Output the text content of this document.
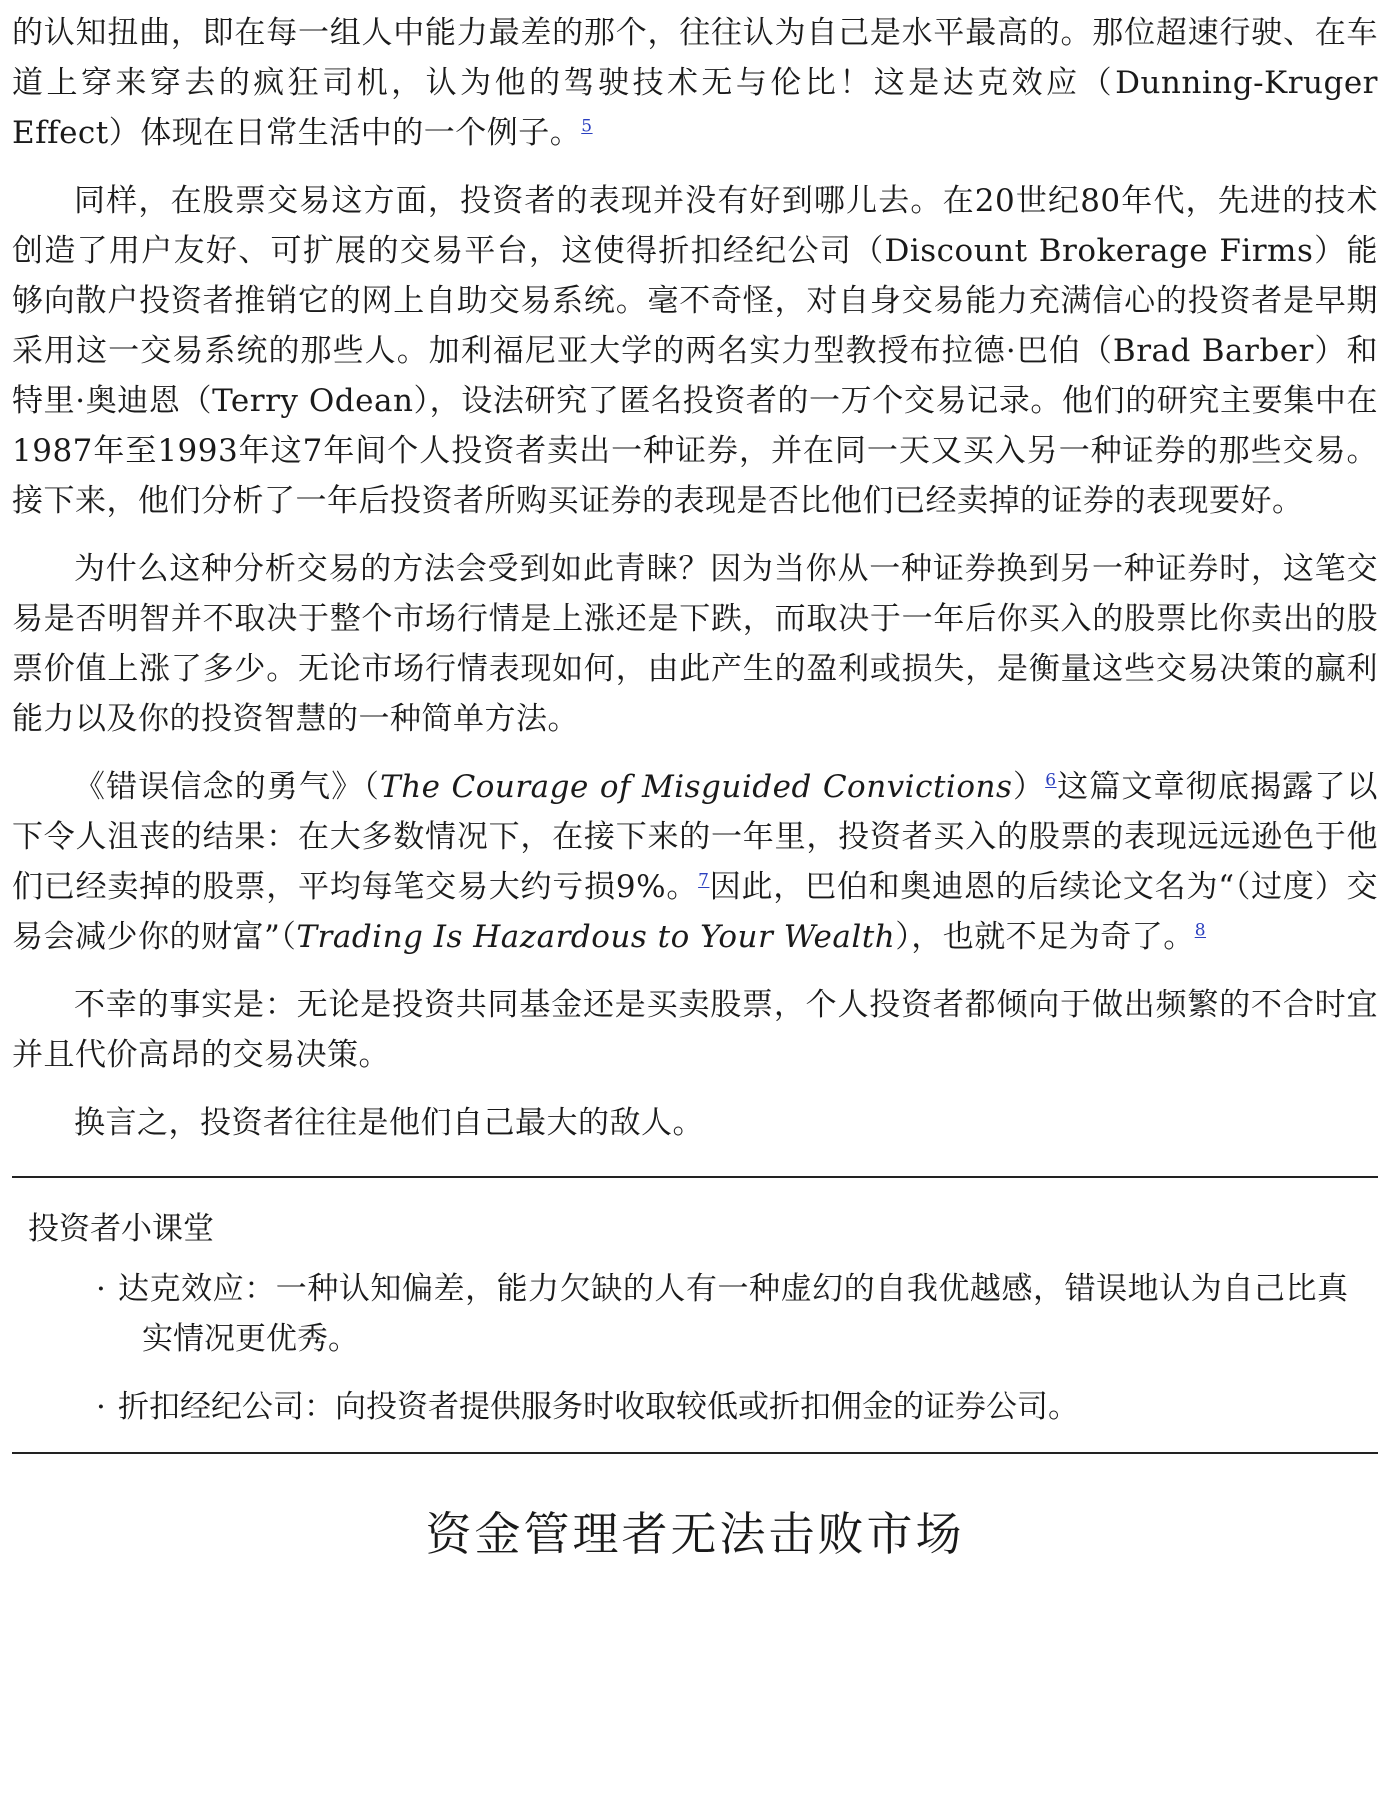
的认知扭曲，即在每一组人中能力最差的那个，往往认为自己是水平最高的。那位超速行驶、在车道上穿来穿去的疯狂司机，认为他的驾驶技术无与伦比！这是达克效应（Dunning-Kruger Effect）体现在日常生活中的一个例子。$^5$

同样，在股票交易这方面，投资者的表现并没有好到哪儿去。在20世纪80年代，先进的技术创造了用户友好、可扩展的交易平台，这使得折扣经纪公司（Discount Brokerage Firms）能够向散户投资者推销它的网上自助交易系统。毫不奇怪，对自身交易能力充满信心的投资者是早期采用这一交易系统的那些人。加利福尼亚大学的两名实力型教授布拉德·巴伯（Brad Barber）和特里·奥迪恩（Terry Odean），设法研究了匿名投资者的一万个交易记录。他们的研究主要集中在1987年至1993年这7年间个人投资者卖出一种证券，并在同一天又买入另一种证券的那些交易。接下来，他们分析了一年后投资者所购买证券的表现是否比他们已经卖掉的证券的表现要好。

为什么这种分析交易的方法会受到如此青睐？因为当你从一种证券换到另一种证券时，这笔交易是否明智并不取决于整个市场行情是上涨还是下跌，而取决于一年后你买入的股票比你卖出的股票价值上涨了多少。无论市场行情表现如何，由此产生的盈利或损失，是衡量这些交易决策的赢利能力以及你的投资智慧的一种简单方法。

《错误信念的勇气》（The Courage of Misguided Convictions）$^6$这篇文章彻底揭露了以下令人沮丧的结果：在大多数情况下，在接下来的一年里，投资者买入的股票的表现远远逊色于他们已经卖掉的股票，平均每笔交易大约亏损9%。$^7$因此，巴伯和奥迪恩的后续论文名为“（过度）交易会减少你的财富”（Trading Is Hazardous to Your Wealth），也就不足为奇了。$^8$

不幸的事实是：无论是投资共同基金还是买卖股票，个人投资者都倾向于做出频繁的不合时宜并且代价高昂的交易决策。

换言之，投资者往往是他们自己最大的敌人。

投资者小课堂
· 达克效应：一种认知偏差，能力欠缺的人有一种虚幻的自我优越感，错误地认为自己比真实情况更优秀。
· 折扣经纪公司：向投资者提供服务时收取较低或折扣佣金的证券公司。
资金管理者无法击败市场
